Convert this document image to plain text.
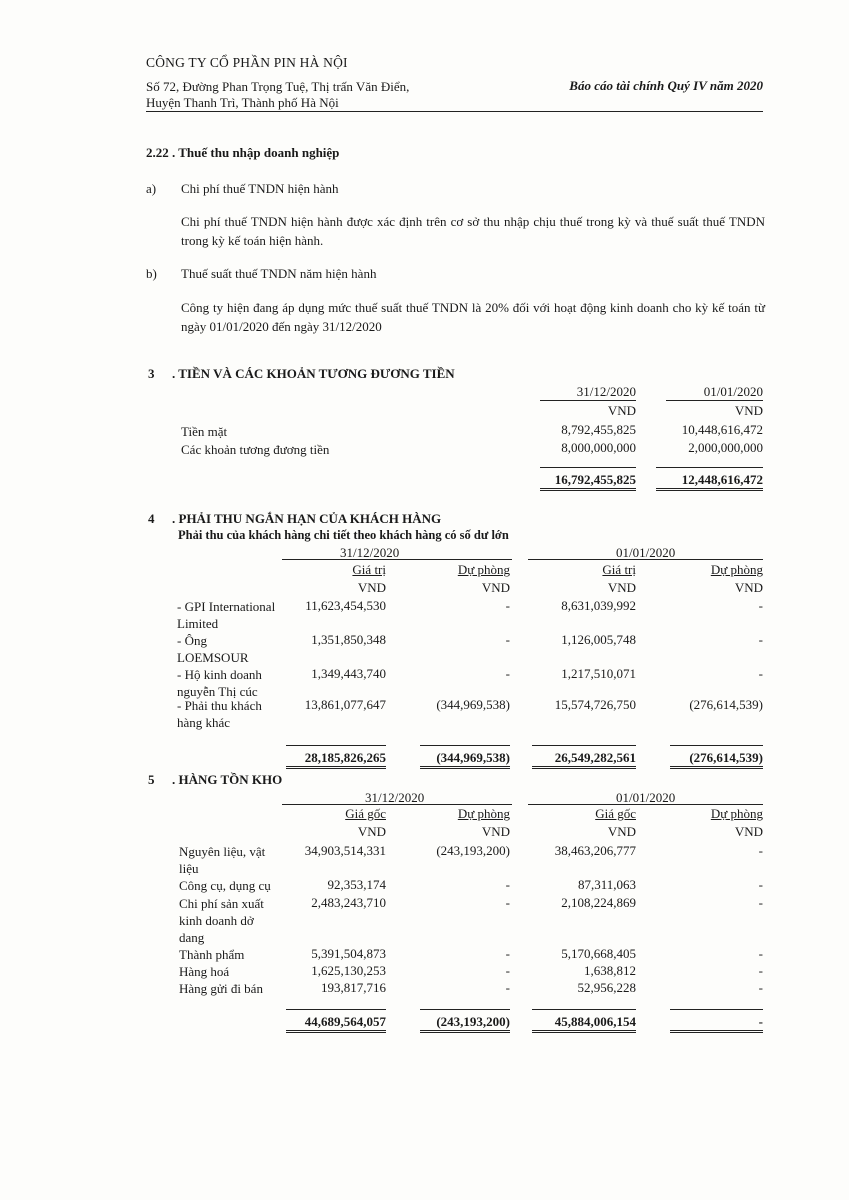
CÔNG TY CỔ PHẦN PIN HÀ NỘI
Số 72, Đường Phan Trọng Tuệ, Thị trấn Văn Điển,
Huyện Thanh Trì, Thành phố Hà Nội
Báo cáo tài chính Quý IV năm 2020
2.22 . Thuế thu nhập doanh nghiệp
a) Chi phí thuế TNDN hiện hành
Chi phí thuế TNDN hiện hành được xác định trên cơ sở thu nhập chịu thuế trong kỳ và thuế suất thuế TNDN trong kỳ kế toán hiện hành.
b) Thuế suất thuế TNDN năm hiện hành
Công ty hiện đang áp dụng mức thuế suất thuế TNDN là 20% đối với hoạt động kinh doanh cho kỳ kế toán từ ngày 01/01/2020 đến ngày 31/12/2020
3 . TIỀN VÀ CÁC KHOẢN TƯƠNG ĐƯƠNG TIỀN
31/12/2020	01/01/2020
VND	VND
Tiền mặt	8,792,455,825	10,448,616,472
Các khoản tương đương tiền	8,000,000,000	2,000,000,000
16,792,455,825	12,448,616,472
4 . PHẢI THU NGẮN HẠN CỦA KHÁCH HÀNG
Phải thu của khách hàng chi tiết theo khách hàng có số dư lớn
31/12/2020	01/01/2020
Giá trị	Dự phòng	Giá trị	Dự phòng
VND	VND	VND	VND
- GPI International Limited
11,623,454,530	-	8,631,039,992	-
- Ông LOEMSOUR
1,351,850,348	-	1,126,005,748	-
- Hộ kinh doanh nguyễn Thị cúc
1,349,443,740	-	1,217,510,071	-
- Phải thu khách hàng khác
13,861,077,647	(344,969,538)	15,574,726,750	(276,614,539)
28,185,826,265	(344,969,538)	26,549,282,561	(276,614,539)
5 . HÀNG TỒN KHO
31/12/2020	01/01/2020
Giá gốc	Dự phòng	Giá gốc	Dự phòng
VND	VND	VND	VND
Nguyên liệu, vật liệu
34,903,514,331	(243,193,200)	38,463,206,777	-
Công cụ, dụng cụ	92,353,174	-	87,311,063	-
Chi phí sản xuất kinh doanh dở dang
2,483,243,710	-	2,108,224,869	-
Thành phẩm	5,391,504,873	-	5,170,668,405	-
Hàng hoá	1,625,130,253	-	1,638,812	-
Hàng gửi đi bán	193,817,716	-	52,956,228	-
44,689,564,057	(243,193,200)	45,884,006,154	-
